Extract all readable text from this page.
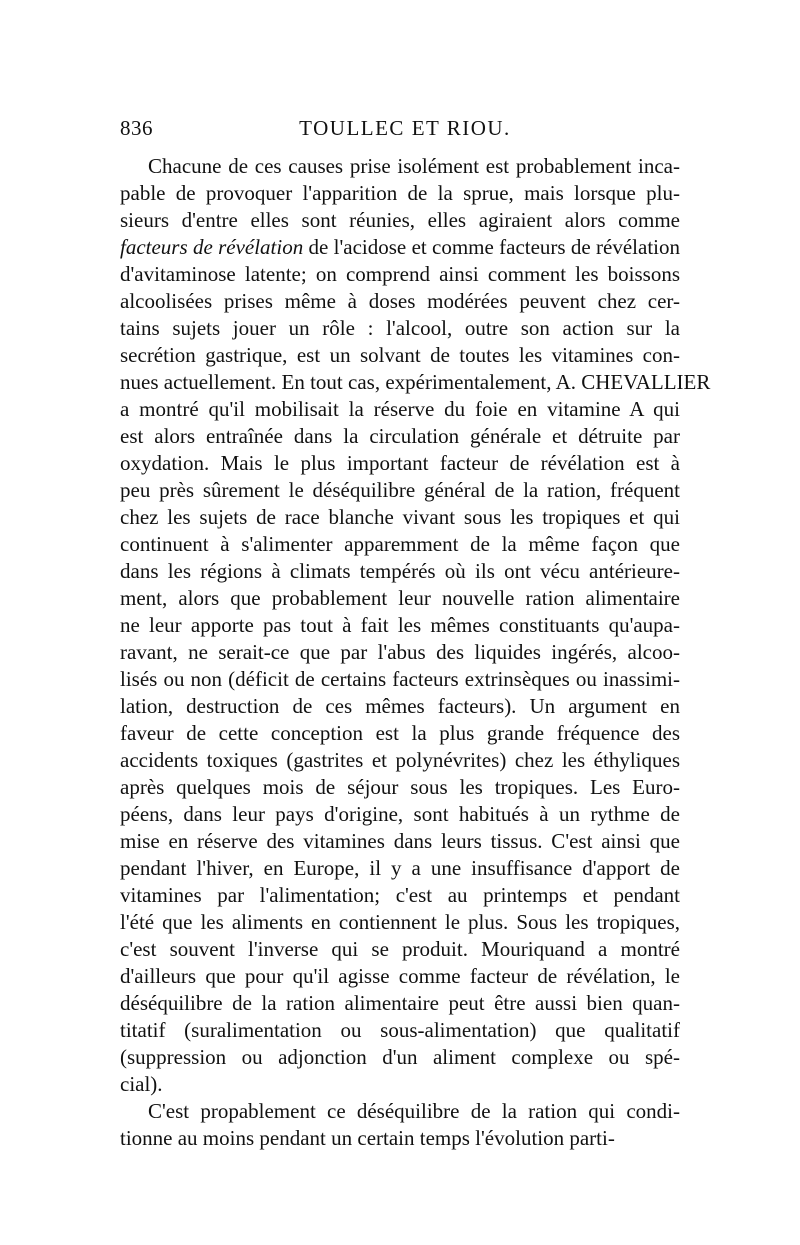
836	TOULLEC ET RIOU.
Chacune de ces causes prise isolément est probablement inca-
pable de provoquer l'apparition de la sprue, mais lorsque plu-
sieurs d'entre elles sont réunies, elles agiraient alors comme
facteurs de révélation de l'acidose et comme facteurs de révélation
d'avitaminose latente; on comprend ainsi comment les boissons
alcoolisées prises même à doses modérées peuvent chez cer-
tains sujets jouer un rôle : l'alcool, outre son action sur la
secrétion gastrique, est un solvant de toutes les vitamines con-
nues actuellement. En tout cas, expérimentalement, A. CHEVALLIER
a montré qu'il mobilisait la réserve du foie en vitamine A qui
est alors entraînée dans la circulation générale et détruite par
oxydation. Mais le plus important facteur de révélation est à
peu près sûrement le déséquilibre général de la ration, fréquent
chez les sujets de race blanche vivant sous les tropiques et qui
continuent à s'alimenter apparemment de la même façon que
dans les régions à climats tempérés où ils ont vécu antérieure-
ment, alors que probablement leur nouvelle ration alimentaire
ne leur apporte pas tout à fait les mêmes constituants qu'aupa-
ravant, ne serait-ce que par l'abus des liquides ingérés, alcoo-
lisés ou non (déficit de certains facteurs extrinsèques ou inassimi-
lation, destruction de ces mêmes facteurs). Un argument en
faveur de cette conception est la plus grande fréquence des
accidents toxiques (gastrites et polynévrites) chez les éthyliques
après quelques mois de séjour sous les tropiques. Les Euro-
péens, dans leur pays d'origine, sont habitués à un rythme de
mise en réserve des vitamines dans leurs tissus. C'est ainsi que
pendant l'hiver, en Europe, il y a une insuffisance d'apport de
vitamines par l'alimentation; c'est au printemps et pendant
l'été que les aliments en contiennent le plus. Sous les tropiques,
c'est souvent l'inverse qui se produit. Mouriquand a montré
d'ailleurs que pour qu'il agisse comme facteur de révélation, le
déséquilibre de la ration alimentaire peut être aussi bien quan-
titatif (suralimentation ou sous-alimentation) que qualitatif
(suppression ou adjonction d'un aliment complexe ou spé-
cial).
C'est propablement ce déséquilibre de la ration qui condi-
tionne au moins pendant un certain temps l'évolution parti-
